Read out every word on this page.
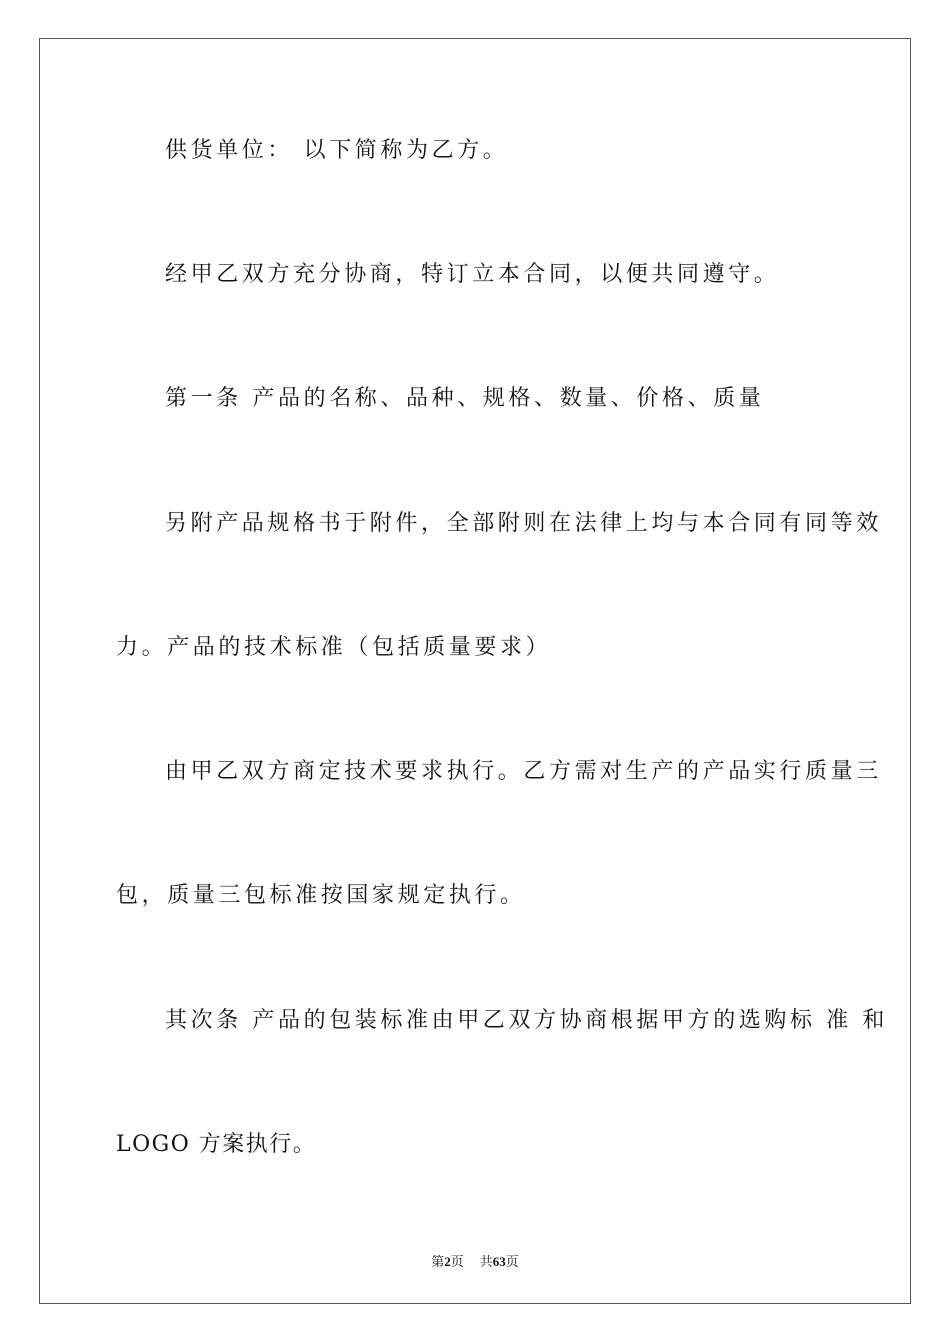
供货单位： 以下简称为乙方。
经甲乙双方充分协商，特订立本合同，以便共同遵守。
第一条 产品的名称、品种、规格、数量、价格、质量
另附产品规格书于附件，全部附则在法律上均与本合同有同等效
力。产品的技术标准（包括质量要求）
由甲乙双方商定技术要求执行。乙方需对生产的产品实行质量三
包，质量三包标准按国家规定执行。
其次条 产品的包装标准由甲乙双方协商根据甲方的选购标 准 和
LOGO 方案执行。
第2页 共63页
